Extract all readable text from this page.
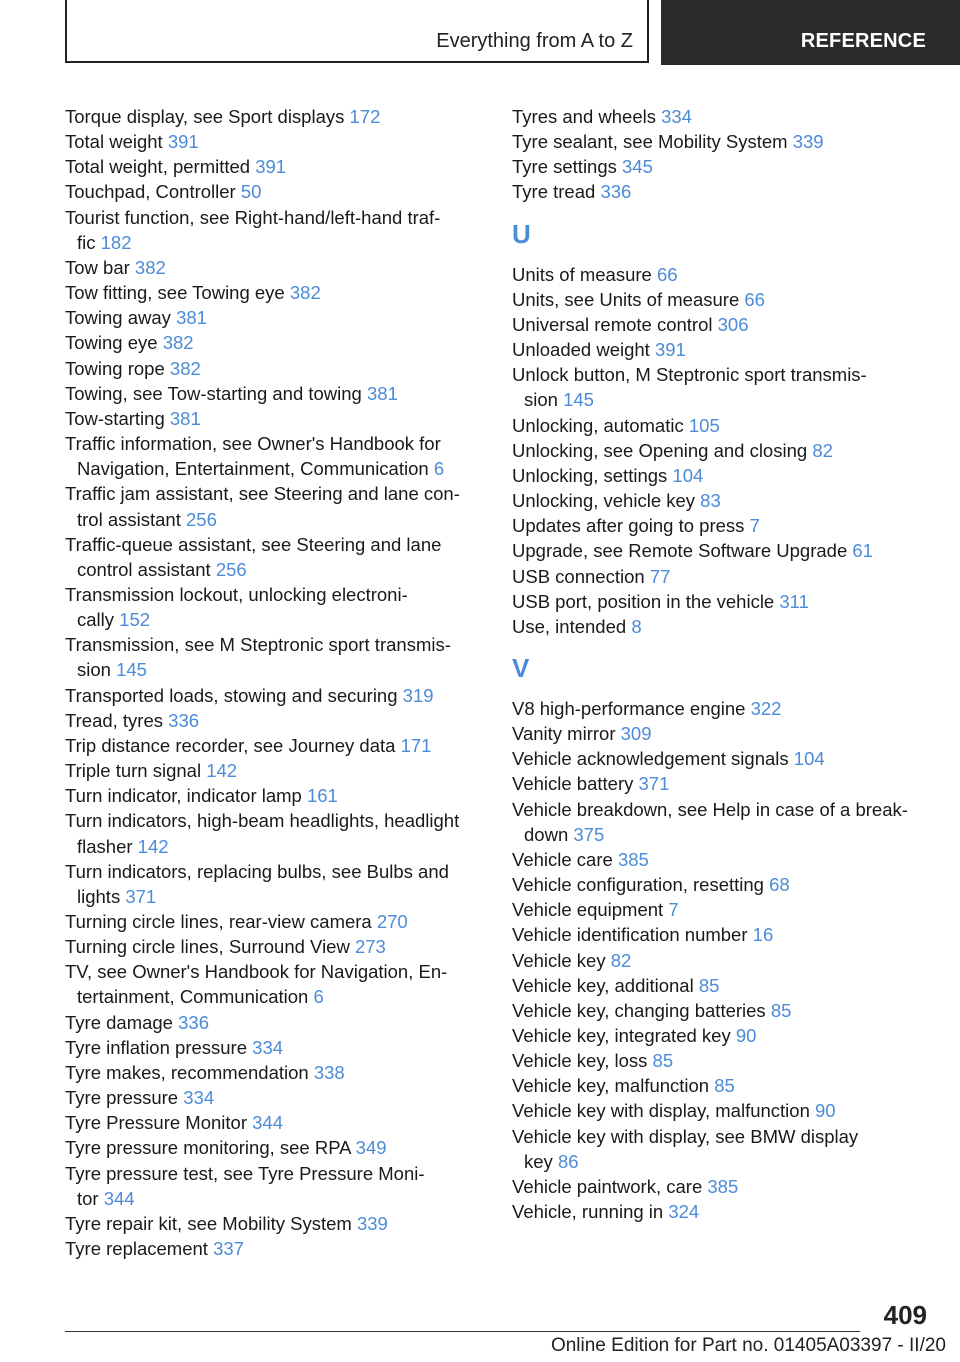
Everything from A to Z	REFERENCE
Torque display, see Sport displays 172
Total weight 391
Total weight, permitted 391
Touchpad, Controller 50
Tourist function, see Right-hand/left-hand traf-
fic 182
Tow bar 382
Tow fitting, see Towing eye 382
Towing away 381
Towing eye 382
Towing rope 382
Towing, see Tow-starting and towing 381
Tow-starting 381
Traffic information, see Owner's Handbook for
Navigation, Entertainment, Communication 6
Traffic jam assistant, see Steering and lane con-
trol assistant 256
Traffic-queue assistant, see Steering and lane
control assistant 256
Transmission lockout, unlocking electroni-
cally 152
Transmission, see M Steptronic sport transmis-
sion 145
Transported loads, stowing and securing 319
Tread, tyres 336
Trip distance recorder, see Journey data 171
Triple turn signal 142
Turn indicator, indicator lamp 161
Turn indicators, high-beam headlights, headlight
flasher 142
Turn indicators, replacing bulbs, see Bulbs and
lights 371
Turning circle lines, rear-view camera 270
Turning circle lines, Surround View 273
TV, see Owner's Handbook for Navigation, En-
tertainment, Communication 6
Tyre damage 336
Tyre inflation pressure 334
Tyre makes, recommendation 338
Tyre pressure 334
Tyre Pressure Monitor 344
Tyre pressure monitoring, see RPA 349
Tyre pressure test, see Tyre Pressure Moni-
tor 344
Tyre repair kit, see Mobility System 339
Tyre replacement 337
Tyres and wheels 334
Tyre sealant, see Mobility System 339
Tyre settings 345
Tyre tread 336
U
Units of measure 66
Units, see Units of measure 66
Universal remote control 306
Unloaded weight 391
Unlock button, M Steptronic sport transmis-
sion 145
Unlocking, automatic 105
Unlocking, see Opening and closing 82
Unlocking, settings 104
Unlocking, vehicle key 83
Updates after going to press 7
Upgrade, see Remote Software Upgrade 61
USB connection 77
USB port, position in the vehicle 311
Use, intended 8
V
V8 high-performance engine 322
Vanity mirror 309
Vehicle acknowledgement signals 104
Vehicle battery 371
Vehicle breakdown, see Help in case of a break-
down 375
Vehicle care 385
Vehicle configuration, resetting 68
Vehicle equipment 7
Vehicle identification number 16
Vehicle key 82
Vehicle key, additional 85
Vehicle key, changing batteries 85
Vehicle key, integrated key 90
Vehicle key, loss 85
Vehicle key, malfunction 85
Vehicle key with display, malfunction 90
Vehicle key with display, see BMW display
key 86
Vehicle paintwork, care 385
Vehicle, running in 324
409
Online Edition for Part no. 01405A03397 - II/20
